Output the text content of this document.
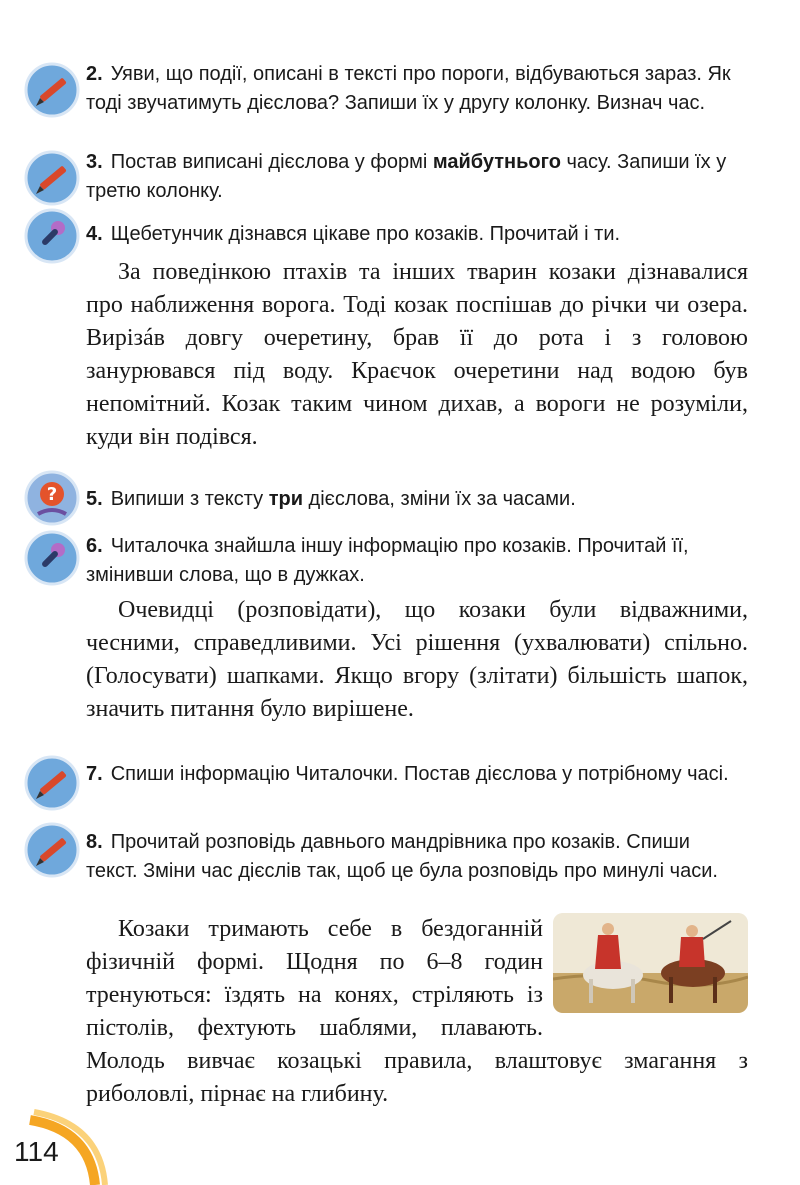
2. Уяви, що події, описані в тексті про пороги, відбуваються зараз. Як тоді звучатимуть дієслова? Запиши їх у другу колонку. Визнач час.
3. Постав виписані дієслова у формі майбутнього часу. Запиши їх у третю колонку.
4. Щебетунчик дізнався цікаве про козаків. Прочитай і ти.
За поведінкою птахів та інших тварин козаки дізнавалися про наближення ворога. Тоді козак поспішав до річки чи озера. Вирізáв довгу очеретину, брав її до рота і з головою занурювався під воду. Краєчок очеретини над водою був непомітний. Козак таким чином дихав, а вороги не розуміли, куди він подівся.
? 5. Випиши з тексту три дієслова, зміни їх за часами.
6. Читалочка знайшла іншу інформацію про козаків. Прочитай її, змінивши слова, що в дужках.
Очевидці (розповідати), що козаки були відважними, чесними, справедливими. Усі рішення (ухвалювати) спільно. (Голосувати) шапками. Якщо вгору (злітати) більшість шапок, значить питання було вирішене.
7. Спиши інформацію Читалочки. Постав дієслова у потрібному часі.
8. Прочитай розповідь давнього мандрівника про козаків. Спиши текст. Зміни час дієслів так, щоб це була розповідь про минулі часи.
Козаки тримають себе в бездоганній фізичній формі. Щодня по 6–8 годин тренуються: їздять на конях, стріляють із пістолів, фехтують шаблями, плавають. Молодь вивчає козацькі правила, влаштовує змагання з риболовлі, пірнає на глибину.
114
